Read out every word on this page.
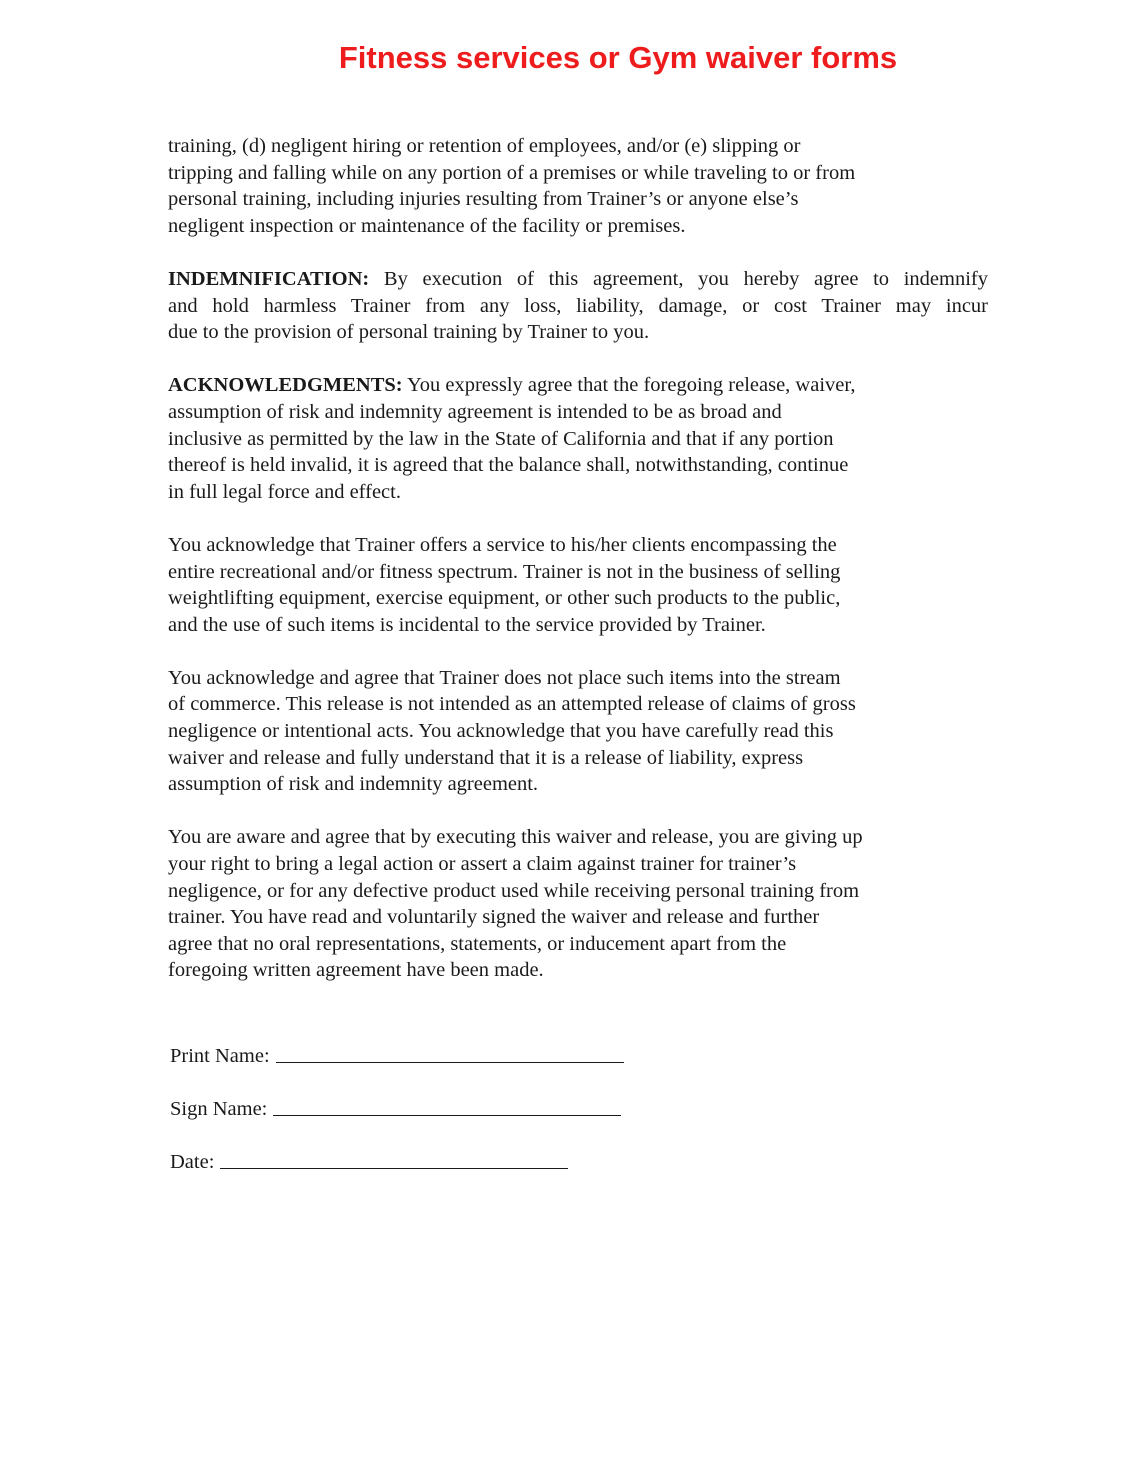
Fitness services or Gym waiver forms

training, (d) negligent hiring or retention of employees, and/or (e) slipping or
tripping and falling while on any portion of a premises or while traveling to or from
personal training, including injuries resulting from Trainer’s or anyone else’s
negligent inspection or maintenance of the facility or premises.

INDEMNIFICATION: By execution of this agreement, you hereby agree to indemnify
and hold harmless Trainer from any loss, liability, damage, or cost Trainer may incur
due to the provision of personal training by Trainer to you.

ACKNOWLEDGMENTS: You expressly agree that the foregoing release, waiver,
assumption of risk and indemnity agreement is intended to be as broad and
inclusive as permitted by the law in the State of California and that if any portion
thereof is held invalid, it is agreed that the balance shall, notwithstanding, continue
in full legal force and effect.

You acknowledge that Trainer offers a service to his/her clients encompassing the
entire recreational and/or fitness spectrum. Trainer is not in the business of selling
weightlifting equipment, exercise equipment, or other such products to the public,
and the use of such items is incidental to the service provided by Trainer.

You acknowledge and agree that Trainer does not place such items into the stream
of commerce. This release is not intended as an attempted release of claims of gross
negligence or intentional acts. You acknowledge that you have carefully read this
waiver and release and fully understand that it is a release of liability, express
assumption of risk and indemnity agreement.

You are aware and agree that by executing this waiver and release, you are giving up
your right to bring a legal action or assert a claim against trainer for trainer’s
negligence, or for any defective product used while receiving personal training from
trainer. You have read and voluntarily signed the waiver and release and further
agree that no oral representations, statements, or inducement apart from the
foregoing written agreement have been made.

Print Name:
Sign Name:
Date:
